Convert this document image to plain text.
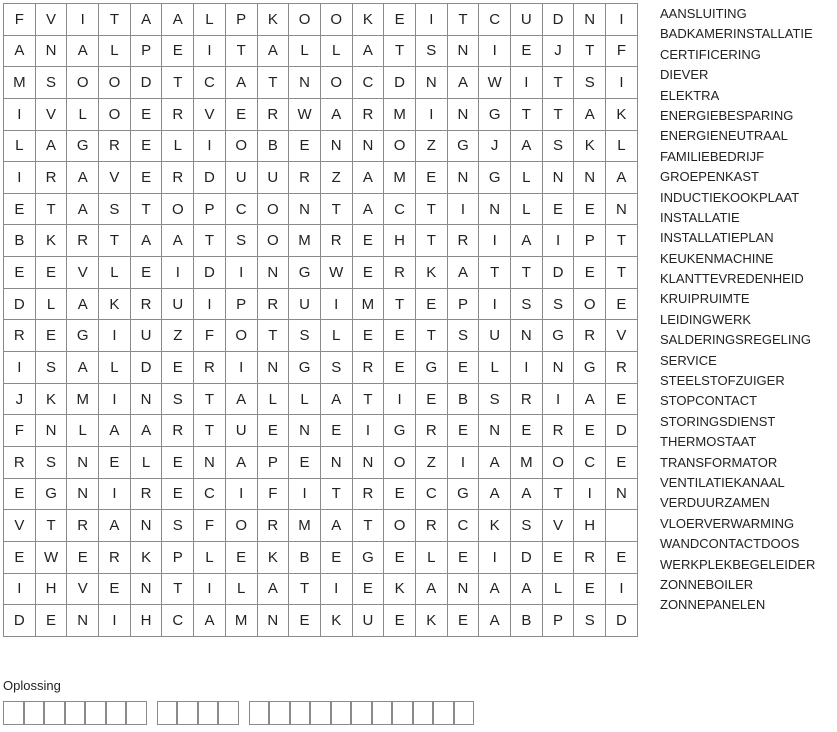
F	V	I	T	A	A	L	P	K	O	O	K	E	I	T	C	U	D	N	I
A	N	A	L	P	E	I	T	A	L	L	A	T	S	N	I	E	J	T	F
M	S	O	O	D	T	C	A	T	N	O	C	D	N	A	W	I	T	S	I
I	V	L	O	E	R	V	E	R	W	A	R	M	I	N	G	T	T	A	K
L	A	G	R	E	L	I	O	B	E	N	N	O	Z	G	J	A	S	K	L
I	R	A	V	E	R	D	U	U	R	Z	A	M	E	N	G	L	N	N	A
E	T	A	S	T	O	P	C	O	N	T	A	C	T	I	N	L	E	E	N
B	K	R	T	A	A	T	S	O	M	R	E	H	T	R	I	A	I	P	T
E	E	V	L	E	I	D	I	N	G	W	E	R	K	A	T	T	D	E	T
D	L	A	K	R	U	I	P	R	U	I	M	T	E	P	I	S	S	O	E
R	E	G	I	U	Z	F	O	T	S	L	E	E	T	S	U	N	G	R	V
I	S	A	L	D	E	R	I	N	G	S	R	E	G	E	L	I	N	G	R
J	K	M	I	N	S	T	A	L	L	A	T	I	E	B	S	R	I	A	E
F	N	L	A	A	R	T	U	E	N	E	I	G	R	E	N	E	R	E	D
R	S	N	E	L	E	N	A	P	E	N	N	O	Z	I	A	M	O	C	E
E	G	N	I	R	E	C	I	F	I	T	R	E	C	G	A	A	T	I	N
V	T	R	A	N	S	F	O	R	M	A	T	O	R	C	K	S	V	H
E	W	E	R	K	P	L	E	K	B	E	G	E	L	E	I	D	E	R	E
I	H	V	E	N	T	I	L	A	T	I	E	K	A	N	A	A	L	E	I
D	E	N	I	H	C	A	M	N	E	K	U	E	K	E	A	B	P	S	D
AANSLUITING
BADKAMERINSTALLATIE
CERTIFICERING
DIEVER
ELEKTRA
ENERGIEBESPARING
ENERGIENEUTRAAL
FAMILIEBEDRIJF
GROEPENKAST
INDUCTIEKOOKPLAAT
INSTALLATIE
INSTALLATIEPLAN
KEUKENMACHINE
KLANTTEVREDENHEID
KRUIPRUIMTE
LEIDINGWERK
SALDERINGSREGELING
SERVICE
STEELSTOFZUIGER
STOPCONTACT
STORINGSDIENST
THERMOSTAAT
TRANSFORMATOR
VENTILATIEKANAAL
VERDUURZAMEN
VLOERVERWARMING
WANDCONTACTDOOS
WERKPLEKBEGELEIDER
ZONNEBOILER
ZONNEPANELEN
Oplossing
